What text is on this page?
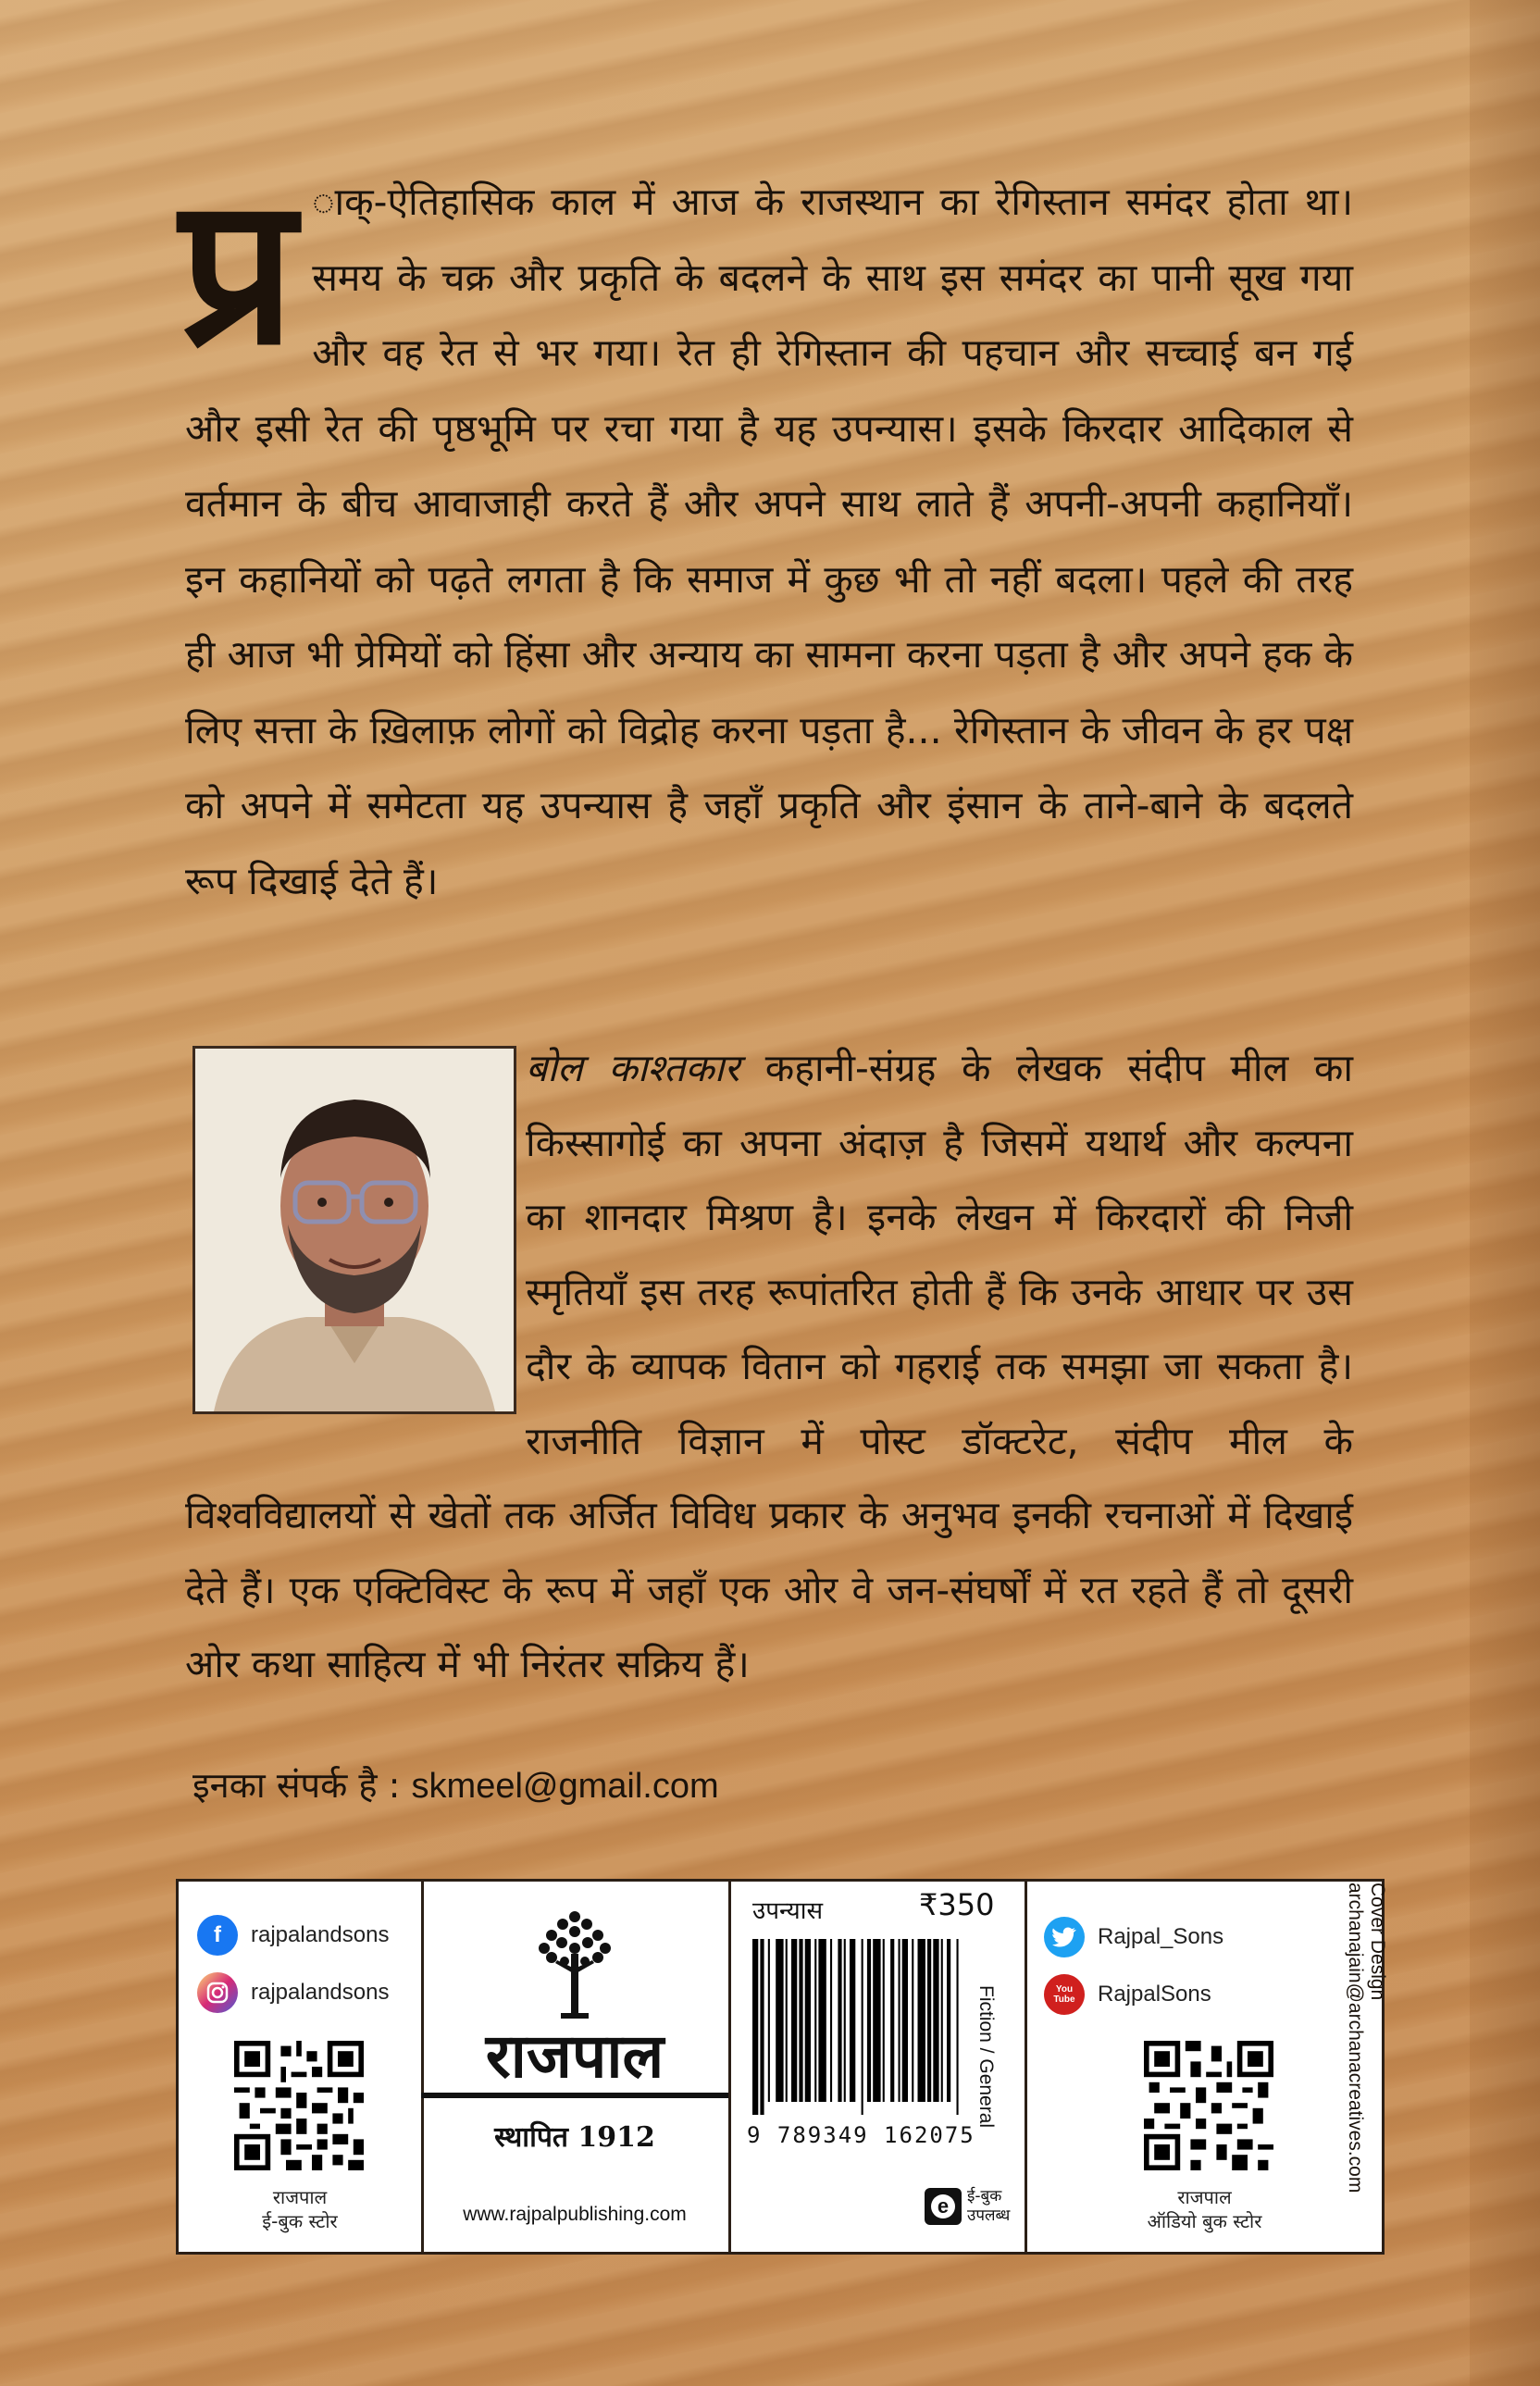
प्र ाक्-ऐतिहासिक काल में आज के राजस्थान का रेगिस्तान समंदर होता था। समय के चक्र और प्रकृति के बदलने के साथ इस समंदर का पानी सूख गया और वह रेत से भर गया। रेत ही रेगिस्तान की पहचान और सच्चाई बन गई और इसी रेत की पृष्ठभूमि पर रचा गया है यह उपन्यास। इसके किरदार आदिकाल से वर्तमान के बीच आवाजाही करते हैं और अपने साथ लाते हैं अपनी-अपनी कहानियाँ। इन कहानियों को पढ़ते लगता है कि समाज में कुछ भी तो नहीं बदला। पहले की तरह ही आज भी प्रेमियों को हिंसा और अन्याय का सामना करना पड़ता है और अपने हक के लिए सत्ता के ख़िलाफ़ लोगों को विद्रोह करना पड़ता है... रेगिस्तान के जीवन के हर पक्ष को अपने में समेटता यह उपन्यास है जहाँ प्रकृति और इंसान के ताने-बाने के बदलते रूप दिखाई देते हैं।
बोल काश्तकार कहानी-संग्रह के लेखक संदीप मील का किस्सागोई का अपना अंदाज़ है जिसमें यथार्थ और कल्पना का शानदार मिश्रण है। इनके लेखन में किरदारों की निजी स्मृतियाँ इस तरह रूपांतरित होती हैं कि उनके आधार पर उस दौर के व्यापक वितान को गहराई तक समझा जा सकता है। राजनीति विज्ञान में पोस्ट डॉक्टरेट, संदीप मील के विश्वविद्यालयों से खेतों तक अर्जित विविध प्रकार के अनुभव इनकी रचनाओं में दिखाई देते हैं। एक एक्टिविस्ट के रूप में जहाँ एक ओर वे जन-संघर्षों में रत रहते हैं तो दूसरी ओर कथा साहित्य में भी निरंतर सक्रिय हैं।
इनका संपर्क है : skmeel@gmail.com
f	rajpalandsons
rajpalandsons
राजपाल
ई-बुक स्टोर
राजपाल
स्थापित 1912
www.rajpalpublishing.com
उपन्यास	₹350
9 789349 162075
e	ई-बुक
उपलब्ध
Fiction / General
Rajpal_Sons
You Tube RajpalSons
राजपाल
ऑडियो बुक स्टोर
Cover Design
archanajain@archanacreatives.com
